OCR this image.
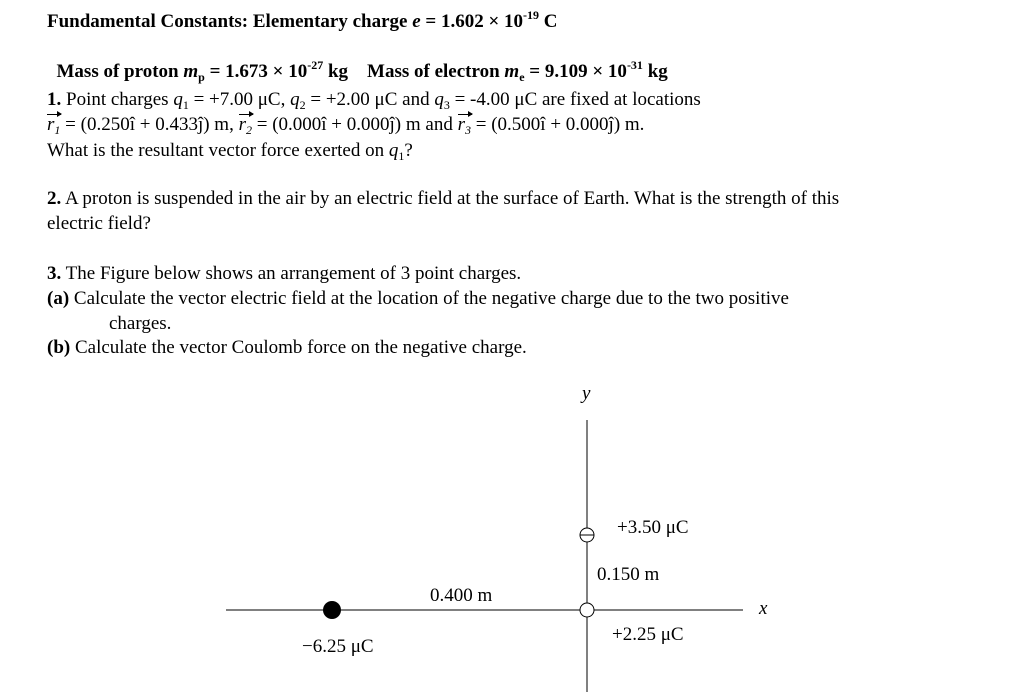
Fundamental Constants: Elementary charge $e = 1.602 \times 10^{-19}$ C

Mass of proton $m_p = 1.673 \times 10^{-27}$ kg    Mass of electron $m_e = 9.109 \times 10^{-31}$ kg

1. Point charges $q_1 = +7.00$ μC, $q_2 = +2.00$ μC and $q_3 = -4.00$ μC are fixed at locations
$r_1$ = (0.250î + 0.433ĵ) m, $r_2$ = (0.000î + 0.000ĵ) m and $r_3$ = (0.500î + 0.000ĵ) m.
What is the resultant vector force exerted on $q_1$?
2. A proton is suspended in the air by an electric field at the surface of Earth. What is the strength of this
electric field?
3. The Figure below shows an arrangement of 3 point charges.
(a) Calculate the vector electric field at the location of the negative charge due to the two positive
charges.
(b) Calculate the vector Coulomb force on the negative charge.
y
x
+3.50 μC
0.150 m
0.400 m
+2.25 μC
−6.25 μC
